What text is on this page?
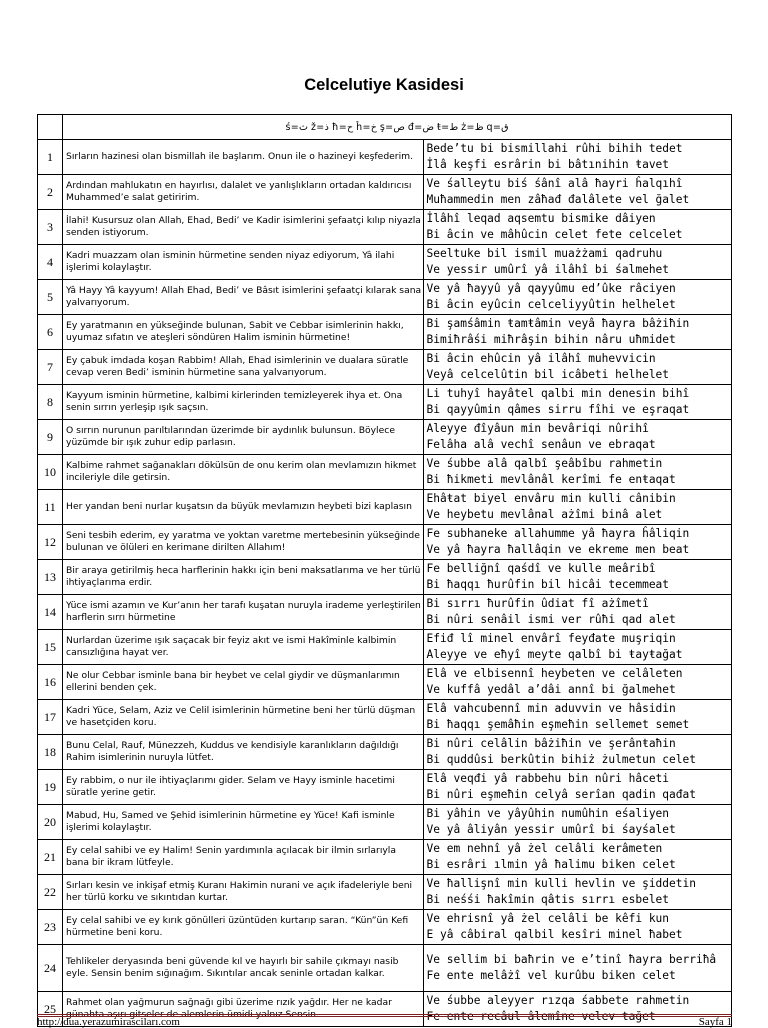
Celcelutiye Kasidesi
	ś=ث ž=ذ ħ=ح ĥ=خ ş=ص đ=ض ŧ=ط ż=ظ q=ق	
1	Sırların hazinesi olan bismillah ile başlarım. Onun ile o hazineyi keşfederim.	Bede’tu bi bismillahi rûhi bihih tedet
İlâ keşfi esrârin bi bâtınihin ŧavet

2	Ardından mahlukatın en hayırlısı, dalalet ve yanlışlıkların ortadan kaldırıcısı Muhammed’e salat getiririm.	Ve śalleytu biś śânî alâ ħayri ĥalqıhî
Muħammedin men zâħađ đalâlete vel ğalet

3	İlahi! Kusursuz olan Allah, Ehad, Bedi’ ve Kadir isimlerini şefaatçi kılıp niyazla senden istiyorum.	İlâhî leqad aqsemtu bismike dâiyen
Bi âcin ve mâhûcin celet fete celcelet

4	Kadri muazzam olan isminin hürmetine senden niyaz ediyorum, Yâ ilahi işlerimi kolaylaştır.	Seeltuke bil ismil muażżami qadruhu
Ve yessir umûrî yâ ilâhî bi śalmehet

5	Yâ Hayy Yâ kayyum! Allah Ehad, Bedi’ ve Bâsıt isimlerini şefaatçi kılarak sana yalvarıyorum.	Ve yâ ħayyû yâ qayyûmu ed’ûke râciyen
Bi âcin eyûcin celceliyyûtin helhelet

6	Ey yaratmanın en yükseğinde bulunan, Sabit ve Cebbar isimlerinin hakkı, uyumaz sıfatın ve ateşleri söndüren Halim isminin hürmetine!	Bi şamśâmin ŧamŧâmin veyâ ħayra bâżiħin
Bimiħrâśi miħrâşin bihin nâru uħmidet

7	Ey çabuk imdada koşan Rabbim! Allah, Ehad isimlerinin ve dualara süratle cevap veren Bedi’ isminin hürmetine sana yalvarıyorum.	Bi âcin ehûcin yâ ilâhî muhevvicin
Veyâ celcelûtin bil icâbeti helhelet

8	Kayyum isminin hürmetine, kalbimi kirlerinden temizleyerek ihya et. Ona senin sırrın yerleşip ışık saçsın.	Li tuhyî hayâtel qalbi min denesin bihî
Bi qayyûmin qâmes sirru fîhi ve eşraqat

9	O sırrın nurunun parıltılarından üzerimde bir aydınlık bulunsun. Böylece yüzümde bir ışık zuhur edip parlasın.	Aleyye đîyâun min bevâriqi nûrihî
Felâha alâ vechî senâun ve ebraqat

10	Kalbime rahmet sağanakları dökülsün de onu kerim olan mevlamızın hikmet incileriyle dile getirsin.	Ve śubbe alâ qalbî şeâbîbu rahmetin
Bi ħikmeti mevlânâl kerîmi fe enŧaqat

11	Her yandan beni nurlar kuşatsın da büyük mevlamızın heybeti bizi kaplasın	Ehâŧat biyel envâru min kulli cânibin
Ve heybetu mevlânal ażîmi binâ alet

12	Seni tesbih ederim, ey yaratma ve yoktan varetme mertebesinin yükseğinde bulunan ve ölüleri en kerimane dirilten Allahım!	Fe subhaneke allahumme yâ ħayra ĥâliqin
Ve yâ ħayra ħallâqin ve ekreme men beat

13	Bir araya getirilmiş heca harflerinin hakkı için beni maksatlarıma ve her türlü ihtiyaçlarıma erdir.	Fe belliğnî qaśdî ve kulle meâribî
Bi ħaqqı ħurûfin bil hicâi tecemmeat

14	Yüce ismi azamın ve Kur’anın her tarafı kuşatan nuruyla irademe yerleştirilen harflerin sırrı hürmetine	Bi sırrı ħurûfin ûdiat fî ażîmetî
Bi nûri senâil ismi ver rûħi qad alet

15	Nurlardan üzerime ışık saçacak bir feyiz akıt ve ismi Hakîminle kalbimin cansızlığına hayat ver.	Efiđ lî minel envârî feyđate muşriqin
Aleyye ve eħyî meyte qalbî bi ŧayŧağat

16	Ne olur Cebbar isminle bana bir heybet ve celal giydir ve düşmanlarımın ellerini benden çek.	Elâ ve elbisennî heybeten ve celâleten
Ve kuffâ yedâl a’dâi annî bi ğalmehet

17	Kadri Yüce, Selam, Aziz ve Celil isimlerinin hürmetine beni her türlü düşman ve hasetçiden koru.	Elâ vahcubennî min aduvvin ve hâsidin
Bi ħaqqı şemâħin eşmeħin sellemet semet

18	Bunu Celal, Rauf, Münezzeh, Kuddus ve kendisiyle karanlıkların dağıldığı Rahim isimlerinin nuruyla lütfet.	Bi nûri celâlin bâżiħin ve şerânŧaħin
Bi quddûsi berkûtin bihiż żulmetun celet

19	Ey rabbim, o nur ile ihtiyaçlarımı gider. Selam ve Hayy isminle hacetimi süratle yerine getir.	Elâ veqđi yâ rabbehu bin nûri hâceti
Bi nûri eşmeħin celyâ serîan qadin qađat

20	Mabud, Hu, Samed ve Şehid isimlerinin hürmetine ey Yüce! Kafi isminle işlerimi kolaylaştır.	Bi yâhin ve yâyûhin numûhin eśaliyen
Ve yâ âliyân yessir umûrî bi śayśalet

21	Ey celal sahibi ve ey Halim! Senin yardımınla açılacak bir ilmin sırlarıyla bana bir ikram lütfeyle.	Ve em nehnî yâ żel celâli kerâmeten
Bi esrâri ılmin yâ ħalimu biken celet

22	Sırları kesin ve inkişaf etmiş Kuranı Hakimin nurani ve açık ifadeleriyle beni her türlü korku ve sıkıntıdan kurtar.	Ve ħallişnî min kulli hevlin ve şiddetin
Bi neśśi ħakîmin qâtis sırrı esbelet

23	Ey celal sahibi ve ey kırık gönülleri üzüntüden kurtarıp saran. “Kün”ün Kefi hürmetine beni koru.	Ve ehrisnî yâ żel celâli be kêfi kun
E yâ câbiral qalbil kesîri minel ħabet

24	Tehlikeler deryasında beni güvende kıl ve hayırlı bir sahile çıkmayı nasib eyle. Sensin benim sığınağım. Sıkıntılar ancak seninle ortadan kalkar.	Ve sellim bi baħrin ve e’tinî ħayra berriħâ
Fe ente melâżî vel kurûbu biken celet

25	Rahmet olan yağmurun sağnağı gibi üzerime rızık yağdır. Her ne kadar günahta aşırı gitseler de alemlerin ümidi yalnız Sensin.	Ve śubbe aleyyer rızqa śabbete rahmetin
Fe ente recâul âlemîne velev ŧağet
http://dua.yerazumirasciları.com	Sayfa 1
